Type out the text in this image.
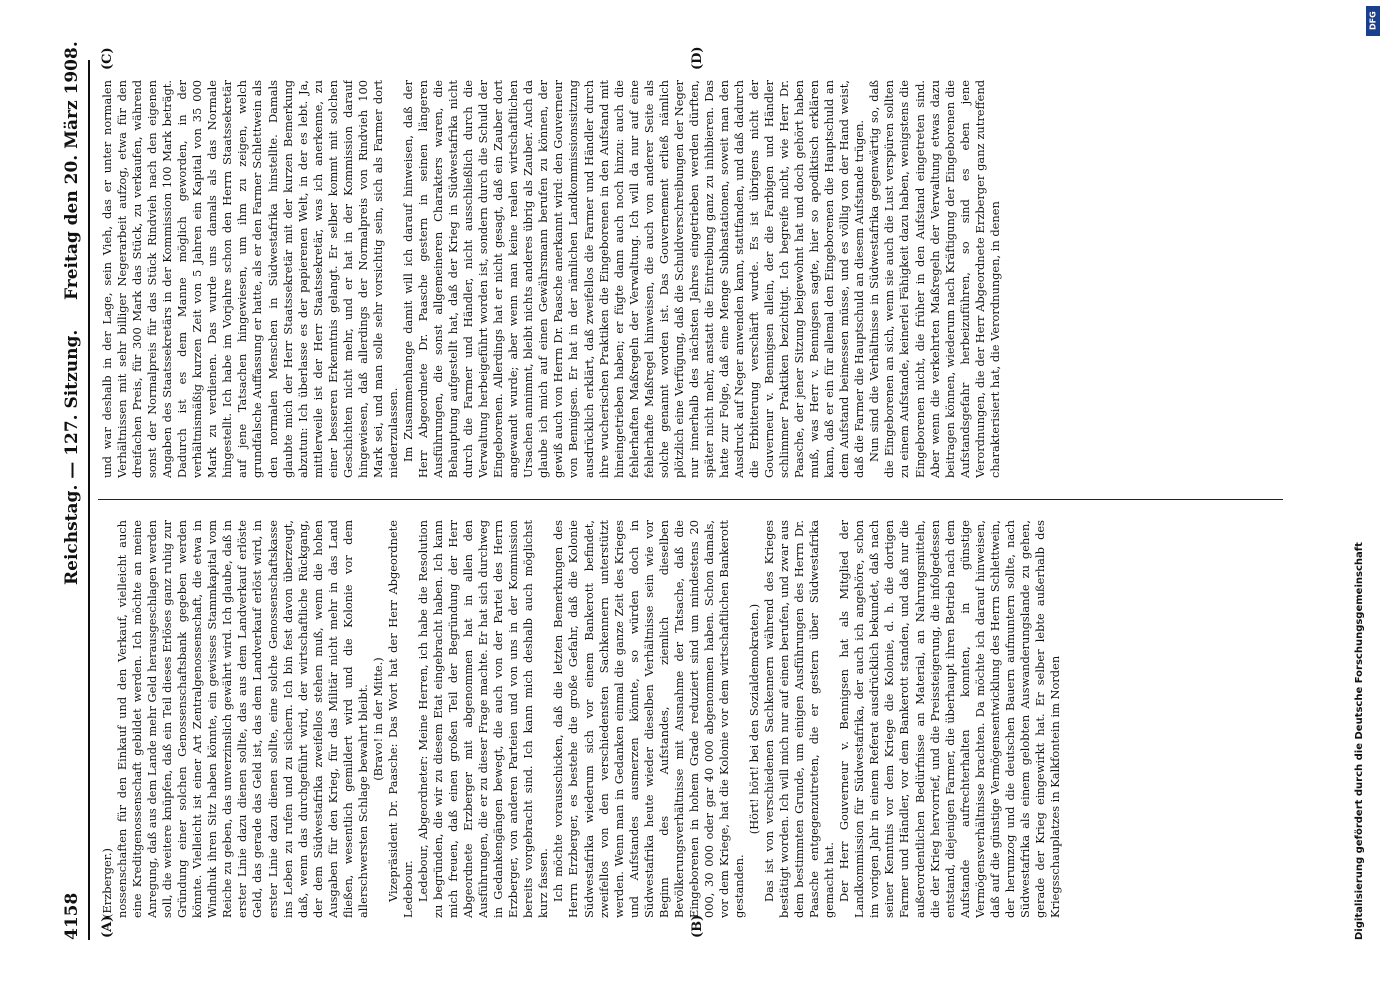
4158
Reichstag. — 127. Sitzung.
Freitag den 20. März 1908.
(A)	(B)
(C)	(D)

(Erzberger.) nossenschaften für den Einkauf und den Verkauf, vielleicht auch eine Kreditgenossenschaft gebildet werden. Ich möchte an meine Anregung, daß aus dem Lande mehr Geld herausgeschlagen werden soll, die weitere knüpfen, daß ein Teil dieses Erlöses ganz ruhig zur Gründung einer solchen Genossenschaftsbank gegeben werden könnte. Vielleicht ist einer Art Zentralgenossenschaft, die etwa in Windhuk ihren Sitz haben könnte, ein gewisses Stammkapital vom Reiche zu geben, das unverzinslich gewährt wird. Ich glaube, daß in erster Linie dazu dienen sollte, das aus dem Landverkauf erlöste Geld, das gerade das Geld ist, das dem Landverkauf erlöst wird, in erster Linie dazu dienen sollte, eine solche Genossenschaftskasse ins Leben zu rufen und zu sichern. Ich bin fest davon überzeugt, daß, wenn das durchgeführt wird, der wirtschaftliche Rückgang, der dem Südwestafrika zweifellos stehen muß, wenn die hohen Ausgaben für den Krieg, für das Militär nicht mehr in das Land fließen, wesentlich gemildert wird und die Kolonie vor dem allerschwersten Schlage bewahrt bleibt. (Bravo! in der Mitte.) Vizepräsident Dr. Paasche: Das Wort hat der Herr Abgeordnete Ledebour. Ledebour, Abgeordneter: Meine Herren, ich habe die Resolution zu begründen, die wir zu diesem Etat eingebracht haben. Ich kann mich freuen, daß einen großen Teil der Begründung der Herr Abgeordnete Erzberger mit abgenommen hat in allen den Ausführungen, die er zu dieser Frage machte. Er hat sich durchweg in Gedankengängen bewegt, die auch von der Partei des Herrn Erzberger, von anderen Parteien und von uns in der Kommission bereits vorgebracht sind. Ich kann mich deshalb auch möglichst kurz fassen. Ich möchte vorausschicken, daß die letzten Bemerkungen des Herrn Erzberger, es bestehe die große Gefahr, daß die Kolonie Südwestafrika wiederum sich vor einem Bankerott befindet, zweifellos von den verschiedensten Sachkennern unterstützt werden. Wenn man in Gedanken einmal die ganze Zeit des Krieges und Aufstandes ausmerzen könnte, so würden doch in Südwestafrika heute wieder dieselben Verhältnisse sein wie vor Beginn des Aufstandes, ziemlich dieselben Bevölkerungsverhältnisse mit Ausnahme der Tatsache, daß die Eingeborenen in hohem Grade reduziert sind um mindestens 20 000, 30 000 oder gar 40 000 abgenommen haben. Schon damals, vor dem Kriege, hat die Kolonie vor dem wirtschaftlichen Bankerott gestanden.

(Hört! hört! bei den Sozialdemokraten.) Das ist von verschiedenen Sachkennern während des Krieges bestätigt worden. Ich will mich nur auf einen berufen, und zwar aus dem bestimmten Grunde, um einigen Ausführungen des Herrn Dr. Paasche entgegenzutreten, die er gestern über Südwestafrika gemacht hat. Der Herr Gouverneur v. Bennigsen hat als Mitglied der Landkommission für Südwestafrika, der auch ich angehöre, schon im vorigen Jahr in einem Referat ausdrücklich bekundet, daß nach seiner Kenntnis vor dem Kriege die Kolonie, d. h. die dortigen Farmer und Händler, vor dem Bankerott standen, und daß nur die außerordentlichen Bedürfnisse an Material, an Nahrungsmitteln, die der Krieg hervorrief, und die Preissteigerung, die infolgedessen entstand, diejenigen Farmer, die überhaupt ihren Betrieb nach dem Aufstande aufrechterhalten konnten, in günstige Vermögensverhältnisse brachten. Da möchte ich darauf hinweisen, daß auf die günstige Vermögensentwicklung des Herrn Schlettwein, der herumzog und die deutschen Bauern aufmuntern sollte, nach Südwestafrika als einem gelobten Auswanderungslande zu gehen, gerade der Krieg eingewirkt hat. Er selber lebte außerhalb des Kriegsschauplatzes in Kalkfontein im Norden

und war deshalb in der Lage, sein Vieh, das er unter normalen Verhältnissen mit sehr billiger Negerarbeit aufzog, etwa für den dreifachen Preis, für 300 Mark das Stück, zu verkaufen, während sonst der Normalpreis für das Stück Rindvieh nach den eigenen Angaben des Staatssekretärs in der Kommission 100 Mark beträgt. Dadurch ist es dem Manne möglich geworden, in der verhältnismäßig kurzen Zeit von 5 Jahren ein Kapital von 35 000 Mark zu verdienen. Das wurde uns damals als das Normale hingestellt. Ich habe im Vorjahre schon den Herrn Staatssekretär auf jene Tatsachen hingewiesen, um ihm zu zeigen, welch grundfalsche Auffassung er hatte, als er den Farmer Schlettwein als den normalen Menschen in Südwestafrika hinstellte. Damals glaubte mich der Herr Staatssekretär mit der kurzen Bemerkung abzutun: Ich überlasse es der papierenen Welt, in der es lebt. Ja, mittlerweile ist der Herr Staatssekretär, was ich anerkenne, zu einer besseren Erkenntnis gelangt. Er selber kommt mit solchen Geschichten nicht mehr, und er hat in der Kommission darauf hingewiesen, daß allerdings der Normalpreis von Rindvieh 100 Mark sei, und man solle sehr vorsichtig sein, sich als Farmer dort niederzulassen. Im Zusammenhange damit will ich darauf hinweisen, daß der Herr Abgeordnete Dr. Paasche gestern in seinen längeren Ausführungen, die sonst allgemeineren Charakters waren, die Behauptung aufgestellt hat, daß der Krieg in Südwestafrika nicht durch die Farmer und Händler, nicht ausschließlich durch die Verwaltung herbeigeführt worden ist, sondern durch die Schuld der Eingeborenen. Allerdings hat er nicht gesagt, daß ein Zauber dort angewandt wurde; aber wenn man keine realen wirtschaftlichen Ursachen annimmt, bleibt nichts anderes übrig als Zauber. Auch da glaube ich mich auf einen Gewährsmann berufen zu können, der gewiß auch von Herrn Dr. Paasche anerkannt wird: den Gouverneur von Bennigsen. Er hat in der nämlichen Landkommissionssitzung ausdrücklich erklärt, daß zweifellos die Farmer und Händler durch ihre wucherischen Praktiken die Eingeborenen in den Aufstand mit hineingetrieben haben; er fügte dann auch noch hinzu: auch die fehlerhaften Maßregeln der Verwaltung. Ich will da nur auf eine fehlerhafte Maßregel hinweisen, die auch von anderer Seite als solche genannt worden ist. Das Gouvernement erließ nämlich plötzlich eine Verfügung, daß die Schuldverschreibungen der Neger nur innerhalb des nächsten Jahres eingetrieben werden dürften, später nicht mehr, anstatt die Eintreibung ganz zu inhibieren. Das hatte zur Folge, daß eine Menge Subhastationen, soweit man den Ausdruck auf Neger anwenden kann, stattfanden, und daß dadurch die Erbitterung verschärft wurde. Es ist übrigens nicht der Gouverneur v. Bennigsen allein, der die Farbigen und Händler schlimmer Praktiken bezichtigt. Ich begreife nicht, wie Herr Dr. Paasche, der jener Sitzung beigewohnt hat und doch gehört haben muß, was Herr v. Bennigsen sagte, hier so apodiktisch erklären kann, daß er ein für allemal den Eingeborenen die Hauptschuld an dem Aufstand beimessen müsse, und es völlig von der Hand weist, daß die Farmer die Hauptschuld an diesem Aufstande trügen. Nun sind die Verhältnisse in Südwestafrika gegenwärtig so, daß die Eingeborenen an sich, wenn sie auch die Lust verspüren sollten zu einem Aufstande, keinerlei Fähigkeit dazu haben, wenigstens die Eingeborenen nicht, die früher in den Aufstand eingetreten sind. Aber wenn die verkehrten Maßregeln der Verwaltung etwas dazu beitragen können, wiederum nach Kräftigung der Eingeborenen die Aufstandsgefahr herbeizuführen, so sind es eben jene Verordnungen, die der Herr Abgeordnete Erzberger ganz zutreffend charakterisiert hat, die Verordnungen, in denen

Digitalisierung gefördert durch die Deutsche Forschungsgemeinschaft
DFG
